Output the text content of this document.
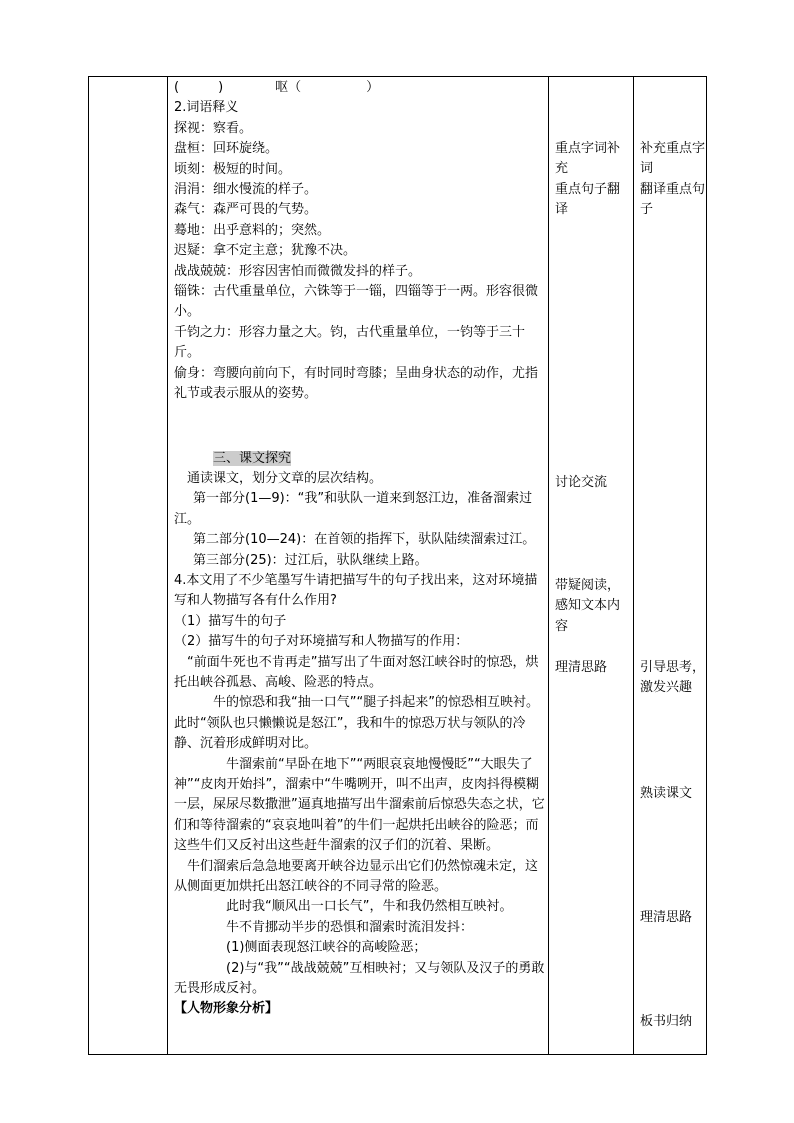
(　　　)　　　　呕（　　　　　）

2.词语释义

探视：察看。

盘桓：回环旋绕。

顷刻：极短的时间。

涓涓：细水慢流的样子。

森气：森严可畏的气势。

蓦地：出乎意料的；突然。

迟疑：拿不定主意；犹豫不决。

战战兢兢：形容因害怕而微微发抖的样子。

锱铢：古代重量单位，六铢等于一锱，四锱等于一两。形容很微小。

千钧之力：形容力量之大。钧，古代重量单位，一钧等于三十斤。

偷身：弯腰向前向下，有时同时弯膝；呈曲身状态的动作，尤指礼节或表示服从的姿势。

三、课文探究

通读课文，划分文章的层次结构。

第一部分(1—9)：“我”和驮队一道来到怒江边，准备溜索过江。

第二部分(10—24)：在首领的指挥下，驮队陆续溜索过江。

第三部分(25)：过江后，驮队继续上路。

4.本文用了不少笔墨写牛请把描写牛的句子找出来，这对环境描写和人物描写各有什么作用?

（1）描写牛的句子

（2）描写牛的句子对环境描写和人物描写的作用：

“前面牛死也不肯再走”描写出了牛面对怒江峡谷时的惊恐，烘托出峡谷孤悬、高峻、险恶的特点。

牛的惊恐和我“抽一口气”“腿子抖起来”的惊恐相互映衬。此时“领队也只懒懒说是怒江”，我和牛的惊恐万状与领队的冷静、沉着形成鲜明对比。

牛溜索前“早卧在地下”“两眼哀哀地慢慢眨”“大眼失了神”“皮肉开始抖”，溜索中“牛嘴咧开，叫不出声，皮肉抖得模糊一层，屎尿尽数撒泄”逼真地描写出牛溜索前后惊恐失态之状，它们和等待溜索的“哀哀地叫着”的牛们一起烘托出峡谷的险恶；而这些牛们又反衬出这些赶牛溜索的汉子们的沉着、果断。

牛们溜索后急急地要离开峡谷边显示出它们仍然惊魂未定，这从侧面更加烘托出怒江峡谷的不同寻常的险恶。

此时我“顺风出一口长气”，牛和我仍然相互映衬。

牛不肯挪动半步的恐惧和溜索时流泪发抖：

(1)侧面表现怒江峡谷的高峻险恶；

(2)与“我”“战战兢兢”互相映衬；又与领队及汉子的勇敢无畏形成反衬。

【人物形象分析】

重点字词补充
重点句子翻译
讨论交流
带疑阅读，感知文本内容
理清思路
补充重点字词
翻译重点句子
引导思考，激发兴趣
熟读课文
理清思路
板书归纳
